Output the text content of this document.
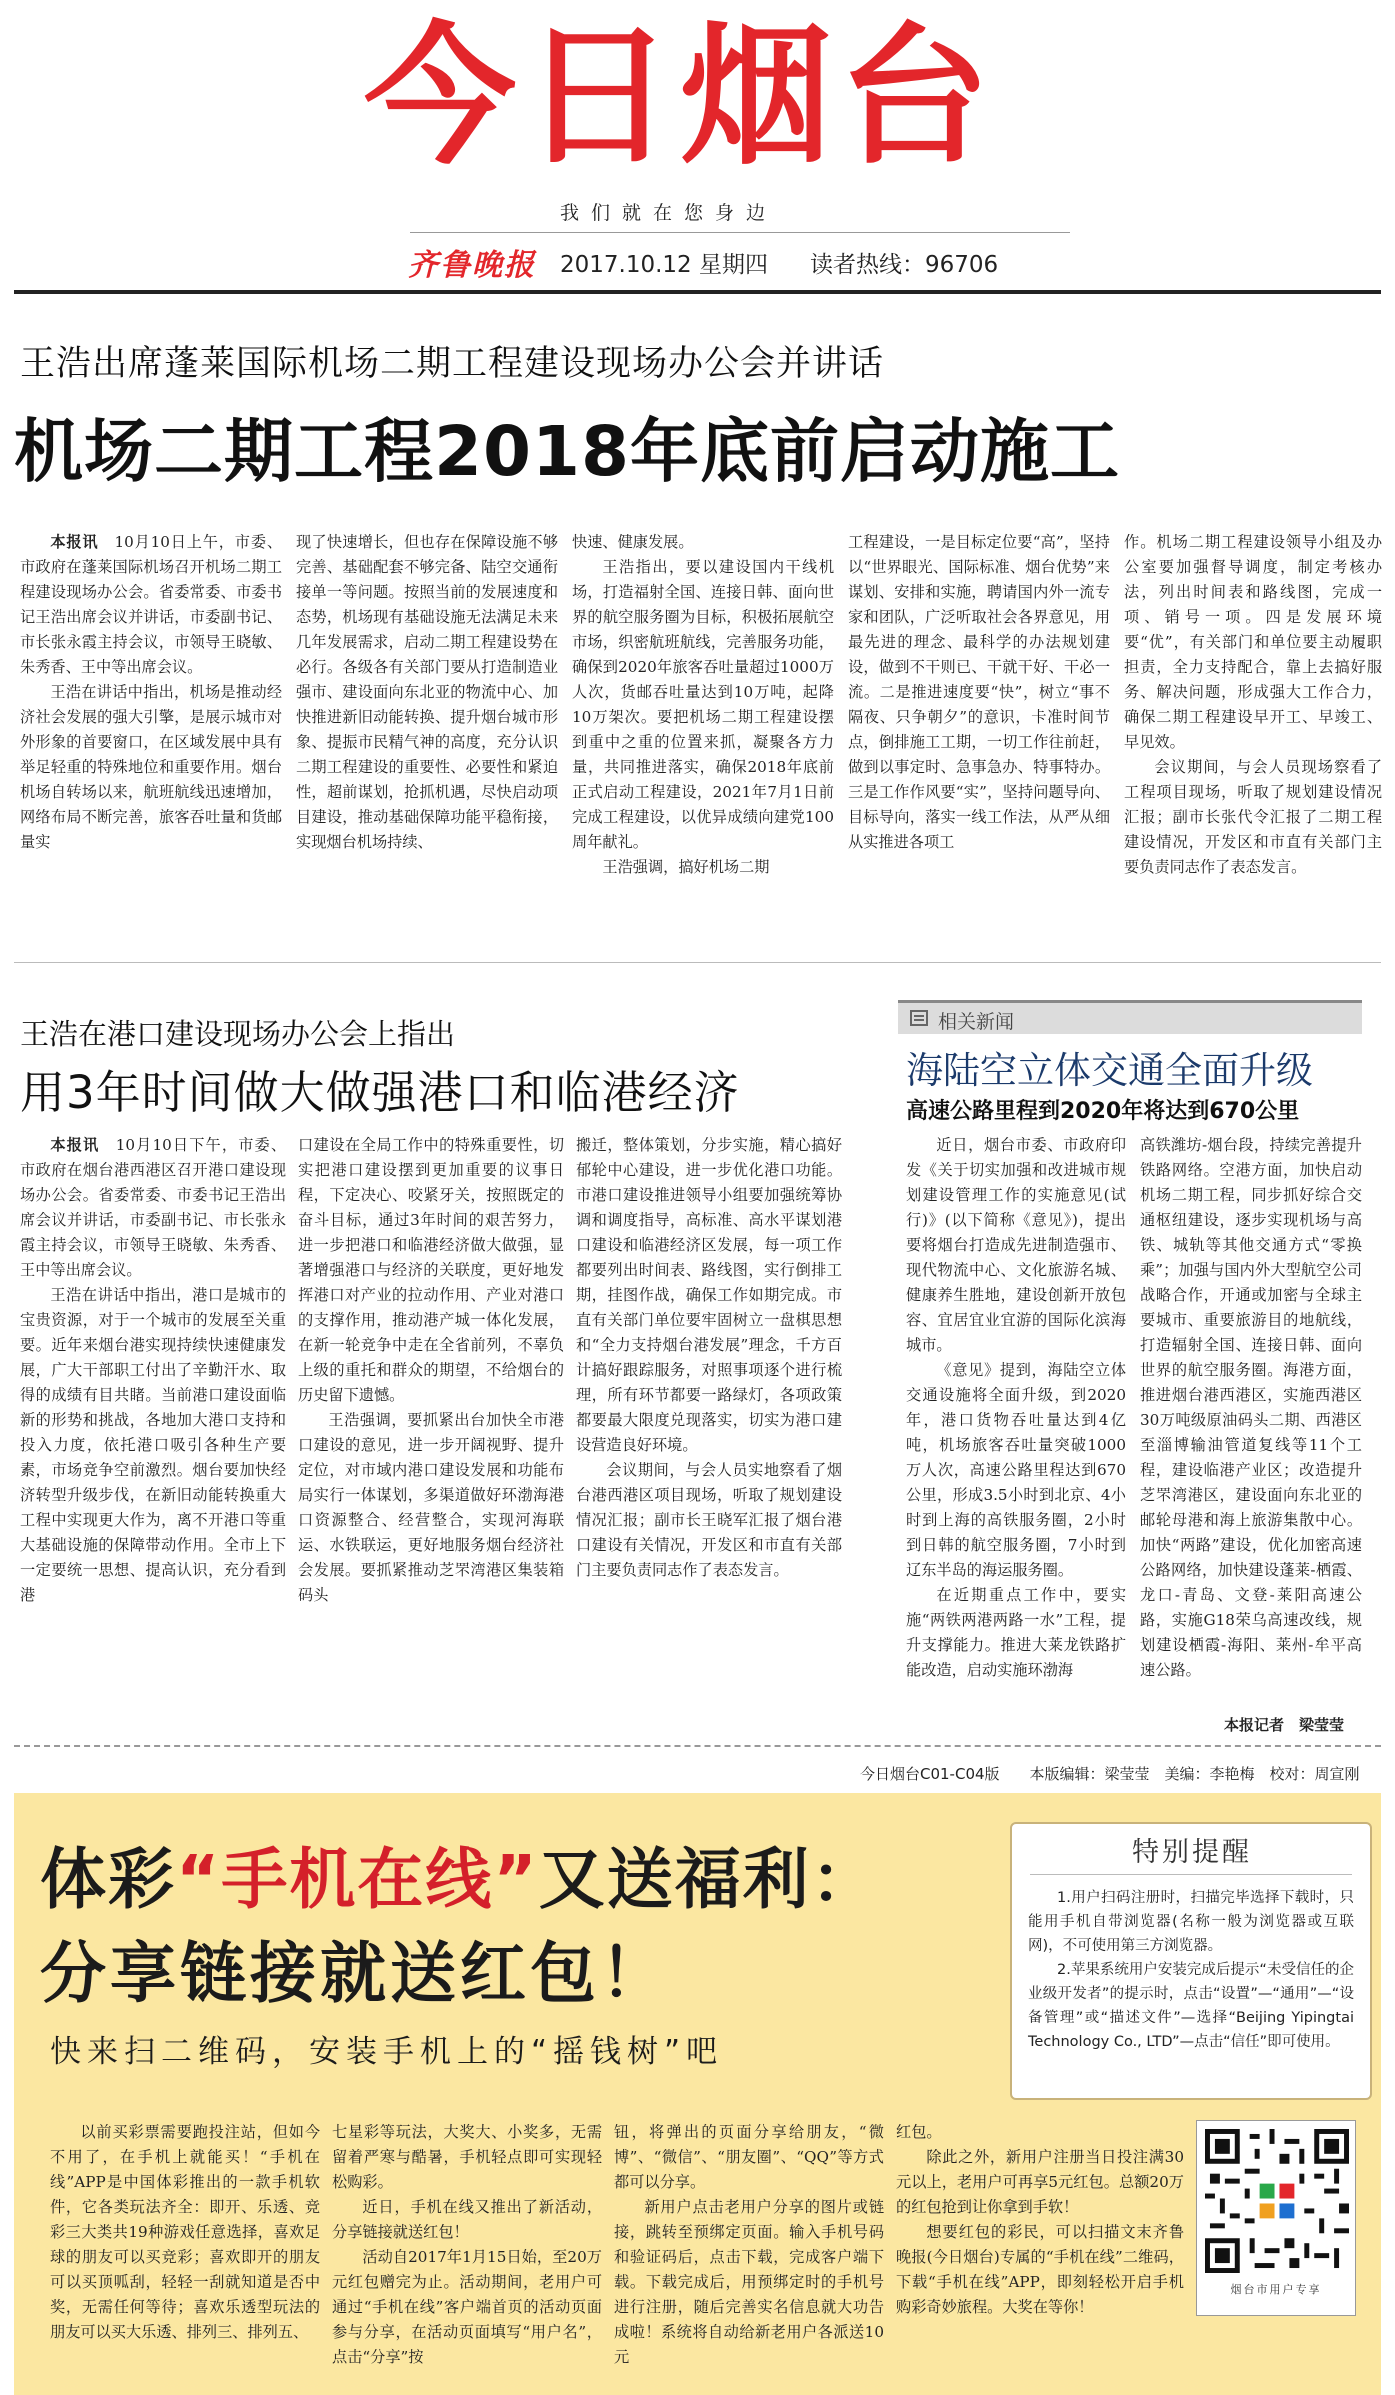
今日烟台
我们就在您身边
齐鲁晚报 2017.10.12 星期四 读者热线：96706
王浩出席蓬莱国际机场二期工程建设现场办公会并讲话
机场二期工程2018年底前启动施工

本报讯　 10月10日上午，市委、市政府在蓬莱国际机场召开机场二期工程建设现场办公会。省委常委、市委书记王浩出席会议并讲话，市委副书记、市长张永霞主持会议，市领导王晓敏、朱秀香、王中等出席会议。

王浩在讲话中指出，机场是推动经济社会发展的强大引擎，是展示城市对外形象的首要窗口，在区域发展中具有举足轻重的特殊地位和重要作用。烟台机场自转场以来，航班航线迅速增加，网络布局不断完善，旅客吞吐量和货邮量实

现了快速增长，但也存在保障设施不够完善、基础配套不够完备、陆空交通衔接单一等问题。按照当前的发展速度和态势，机场现有基础设施无法满足未来几年发展需求，启动二期工程建设势在必行。各级各有关部门要从打造制造业强市、建设面向东北亚的物流中心、加快推进新旧动能转换、提升烟台城市形象、提振市民精气神的高度，充分认识二期工程建设的重要性、必要性和紧迫性，超前谋划，抢抓机遇，尽快启动项目建设，推动基础保障功能平稳衔接，实现烟台机场持续、

快速、健康发展。

王浩指出，要以建设国内干线机场，打造福射全国、连接日韩、面向世界的航空服务圈为目标，积极拓展航空市场，织密航班航线，完善服务功能，确保到2020年旅客吞吐量超过1000万人次，货邮吞吐量达到10万吨，起降10万架次。要把机场二期工程建设摆到重中之重的位置来抓，凝聚各方力量，共同推进落实，确保2018年底前正式启动工程建设，2021年7月1日前完成工程建设，以优异成绩向建党100周年献礼。

王浩强调，搞好机场二期

工程建设，一是目标定位要“高”，坚持以“世界眼光、国际标准、烟台优势”来谋划、安排和实施，聘请国内外一流专家和团队，广泛听取社会各界意见，用最先进的理念、最科学的办法规划建设，做到不干则已、干就干好、干必一流。二是推进速度要“快”，树立“事不隔夜、只争朝夕”的意识，卡准时间节点，倒排施工工期，一切工作往前赶，做到以事定时、急事急办、特事特办。三是工作作风要“实”，坚持问题导向、目标导向，落实一线工作法，从严从细从实推进各项工

作。机场二期工程建设领导小组及办公室要加强督导调度，制定考核办法，列出时间表和路线图，完成一项、销号一项。四是发展环境要“优”，有关部门和单位要主动履职担责，全力支持配合，靠上去搞好服务、解决问题，形成强大工作合力，确保二期工程建设早开工、早竣工、早见效。

会议期间，与会人员现场察看了工程项目现场，听取了规划建设情况汇报；副市长张代令汇报了二期工程建设情况，开发区和市直有关部门主要负责同志作了表态发言。

王浩在港口建设现场办公会上指出
用3年时间做大做强港口和临港经济

本报讯　 10月10日下午，市委、市政府在烟台港西港区召开港口建设现场办公会。省委常委、市委书记王浩出席会议并讲话，市委副书记、市长张永霞主持会议，市领导王晓敏、朱秀香、王中等出席会议。

王浩在讲话中指出，港口是城市的宝贵资源，对于一个城市的发展至关重要。近年来烟台港实现持续快速健康发展，广大干部职工付出了辛勤汗水、取得的成绩有目共睹。当前港口建设面临新的形势和挑战，各地加大港口支持和投入力度，依托港口吸引各种生产要素，市场竞争空前激烈。烟台要加快经济转型升级步伐，在新旧动能转换重大工程中实现更大作为，离不开港口等重大基础设施的保障带动作用。全市上下一定要统一思想、提高认识，充分看到港

口建设在全局工作中的特殊重要性，切实把港口建设摆到更加重要的议事日程，下定决心、咬紧牙关，按照既定的奋斗目标，通过3年时间的艰苦努力，进一步把港口和临港经济做大做强，显著增强港口与经济的关联度，更好地发挥港口对产业的拉动作用、产业对港口的支撑作用，推动港产城一体化发展，在新一轮竞争中走在全省前列，不辜负上级的重托和群众的期望，不给烟台的历史留下遗憾。

王浩强调，要抓紧出台加快全市港口建设的意见，进一步开阔视野、提升定位，对市域内港口建设发展和功能布局实行一体谋划，多渠道做好环渤海港口资源整合、经营整合，实现河海联运、水铁联运，更好地服务烟台经济社会发展。要抓紧推动芝罘湾港区集装箱码头

搬迁，整体策划，分步实施，精心搞好郁轮中心建设，进一步优化港口功能。市港口建设推进领导小组要加强统筹协调和调度指导，高标准、高水平谋划港口建设和临港经济区发展，每一项工作都要列出时间表、路线图，实行倒排工期，挂图作战，确保工作如期完成。市直有关部门单位要牢固树立一盘棋思想和“全力支持烟台港发展”理念，千方百计搞好跟踪服务，对照事项逐个进行梳理，所有环节都要一路绿灯，各项政策都要最大限度兑现落实，切实为港口建设营造良好环境。

会议期间，与会人员实地察看了烟台港西港区项目现场，听取了规划建设情况汇报；副市长王晓军汇报了烟台港口建设有关情况，开发区和市直有关部门主要负责同志作了表态发言。

相关新闻
海陆空立体交通全面升级
高速公路里程到2020年将达到670公里

近日，烟台市委、市政府印发《关于切实加强和改进城市规划建设管理工作的实施意见(试行)》(以下简称《意见》)，提出要将烟台打造成先进制造强市、现代物流中心、文化旅游名城、健康养生胜地，建设创新开放包容、宜居宜业宜游的国际化滨海城市。

《意见》提到，海陆空立体交通设施将全面升级，到2020年，港口货物吞吐量达到4亿吨，机场旅客吞吐量突破1000万人次，高速公路里程达到670公里，形成3.5小时到北京、4小时到上海的高铁服务圈，2小时到日韩的航空服务圈，7小时到辽东半岛的海运服务圈。

在近期重点工作中，要实施“两铁两港两路一水”工程，提升支撑能力。推进大莱龙铁路扩能改造，启动实施环渤海

高铁潍坊-烟台段，持续完善提升铁路网络。空港方面，加快启动机场二期工程，同步抓好综合交通枢纽建设，逐步实现机场与高铁、城轨等其他交通方式“零换乘”；加强与国内外大型航空公司战略合作，开通或加密与全球主要城市、重要旅游目的地航线，打造辐射全国、连接日韩、面向世界的航空服务圈。海港方面，推进烟台港西港区，实施西港区30万吨级原油码头二期、西港区至淄博输油管道复线等11个工程，建设临港产业区；改造提升芝罘湾港区，建设面向东北亚的邮轮母港和海上旅游集散中心。加快“两路”建设，优化加密高速公路网络，加快建设蓬莱-栖霞、龙口-青岛、文登-莱阳高速公路，实施G18荣乌高速改线，规划建设栖霞-海阳、莱州-牟平高速公路。

本报记者　梁莹莹
今日烟台C01-C04版　　本版编辑：梁莹莹　美编：李艳梅　校对：周宣刚
体彩“手机在线”又送福利：
分享链接就送红包！
快来扫二维码，安装手机上的“摇钱树”吧
特别提醒

1.用户扫码注册时，扫描完毕选择下载时，只能用手机自带浏览器(名称一般为浏览器或互联网)，不可使用第三方浏览器。

2.苹果系统用户安装完成后提示“未受信任的企业级开发者”的提示时，点击“设置”—“通用”—“设备管理”或“描述文件”—选择“Beijing Yipingtai Technology Co., LTD”—点击“信任”即可使用。

以前买彩票需要跑投注站，但如今不用了，在手机上就能买！“手机在线”APP是中国体彩推出的一款手机软件，它各类玩法齐全：即开、乐透、竞彩三大类共19种游戏任意选择，喜欢足球的朋友可以买竞彩；喜欢即开的朋友可以买顶呱刮，轻轻一刮就知道是否中奖，无需任何等待；喜欢乐透型玩法的朋友可以买大乐透、排列三、排列五、

七星彩等玩法，大奖大、小奖多，无需留着严寒与酷暑，手机轻点即可实现轻松购彩。

近日，手机在线又推出了新活动，分享链接就送红包！

活动自2017年1月15日始，至20万元红包赠完为止。活动期间，老用户可通过“手机在线”客户端首页的活动页面参与分享，在活动页面填写“用户名”，点击“分享”按

钮，将弹出的页面分享给朋友，“微博”、“微信”、“朋友圈”、“QQ”等方式都可以分享。

新用户点击老用户分享的图片或链接，跳转至预绑定页面。输入手机号码和验证码后，点击下载，完成客户端下载。下载完成后，用预绑定时的手机号进行注册，随后完善实名信息就大功告成啦！系统将自动给新老用户各派送10元

红包。

除此之外，新用户注册当日投注满30元以上，老用户可再享5元红包。总额20万的红包抢到让你拿到手软！

想要红包的彩民，可以扫描文末齐鲁晚报(今日烟台)专属的“手机在线”二维码，下载“手机在线”APP，即刻轻松开启手机购彩奇妙旅程。大奖在等你！

烟台市用户专享
